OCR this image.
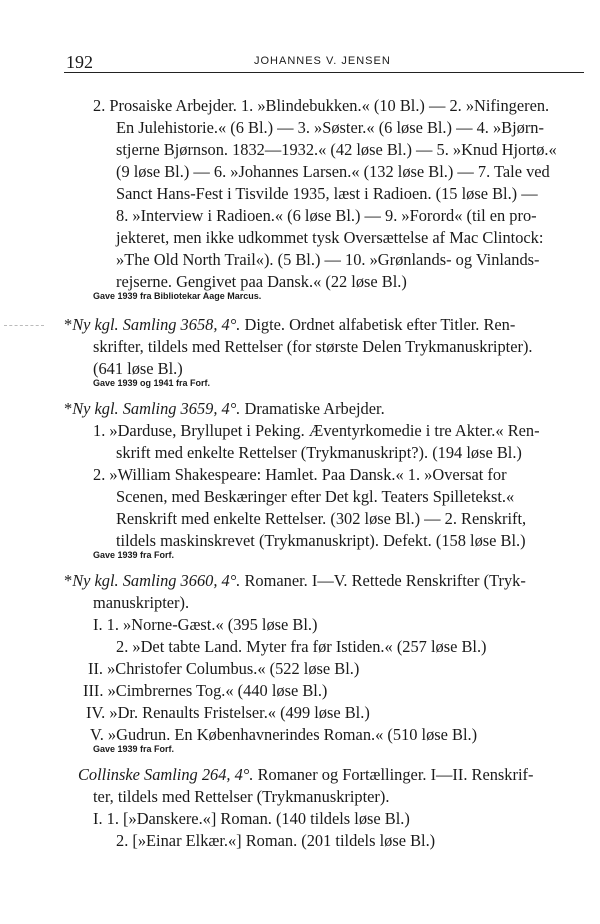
192	JOHANNES V. JENSEN
2. Prosaiske Arbejder. 1. »Blindebukken.« (10 Bl.) — 2. »Nifingeren.
En Julehistorie.« (6 Bl.) — 3. »Søster.« (6 løse Bl.) — 4. »Bjørn-
stjerne Bjørnson. 1832—1932.« (42 løse Bl.) — 5. »Knud Hjortø.«
(9 løse Bl.) — 6. »Johannes Larsen.« (132 løse Bl.) — 7. Tale ved
Sanct Hans-Fest i Tisvilde 1935, læst i Radioen. (15 løse Bl.) —
8. »Interview i Radioen.« (6 løse Bl.) — 9. »Forord« (til en pro-
jekteret, men ikke udkommet tysk Oversættelse af Mac Clintock:
»The Old North Trail«). (5 Bl.) — 10. »Grønlands- og Vinlands-
rejserne. Gengivet paa Dansk.« (22 løse Bl.)
Gave 1939 fra Bibliotekar Aage Marcus.
*Ny kgl. Samling 3658, 4°. Digte. Ordnet alfabetisk efter Titler. Ren-
skrifter, tildels med Rettelser (for største Delen Trykmanuskripter).
(641 løse Bl.)
Gave 1939 og 1941 fra Forf.
*Ny kgl. Samling 3659, 4°. Dramatiske Arbejder.
1. »Darduse, Bryllupet i Peking. Æventyrkomedie i tre Akter.« Ren-
skrift med enkelte Rettelser (Trykmanuskript?). (194 løse Bl.)
2. »William Shakespeare: Hamlet. Paa Dansk.« 1. »Oversat for
Scenen, med Beskæringer efter Det kgl. Teaters Spilletekst.«
Renskrift med enkelte Rettelser. (302 løse Bl.) — 2. Renskrift,
tildels maskinskrevet (Trykmanuskript). Defekt. (158 løse Bl.)
Gave 1939 fra Forf.
*Ny kgl. Samling 3660, 4°. Romaner. I—V. Rettede Renskrifter (Tryk-
manuskripter).
I. 1. »Norne-Gæst.« (395 løse Bl.)
2. »Det tabte Land. Myter fra før Istiden.« (257 løse Bl.)
II. »Christofer Columbus.« (522 løse Bl.)
III. »Cimbrernes Tog.« (440 løse Bl.)
IV. »Dr. Renaults Fristelser.« (499 løse Bl.)
V. »Gudrun. En Københavnerindes Roman.« (510 løse Bl.)
Gave 1939 fra Forf.
Collinske Samling 264, 4°. Romaner og Fortællinger. I—II. Renskrif-
ter, tildels med Rettelser (Trykmanuskripter).
I. 1. [»Danskere.«] Roman. (140 tildels løse Bl.)
2. [»Einar Elkær.«] Roman. (201 tildels løse Bl.)
